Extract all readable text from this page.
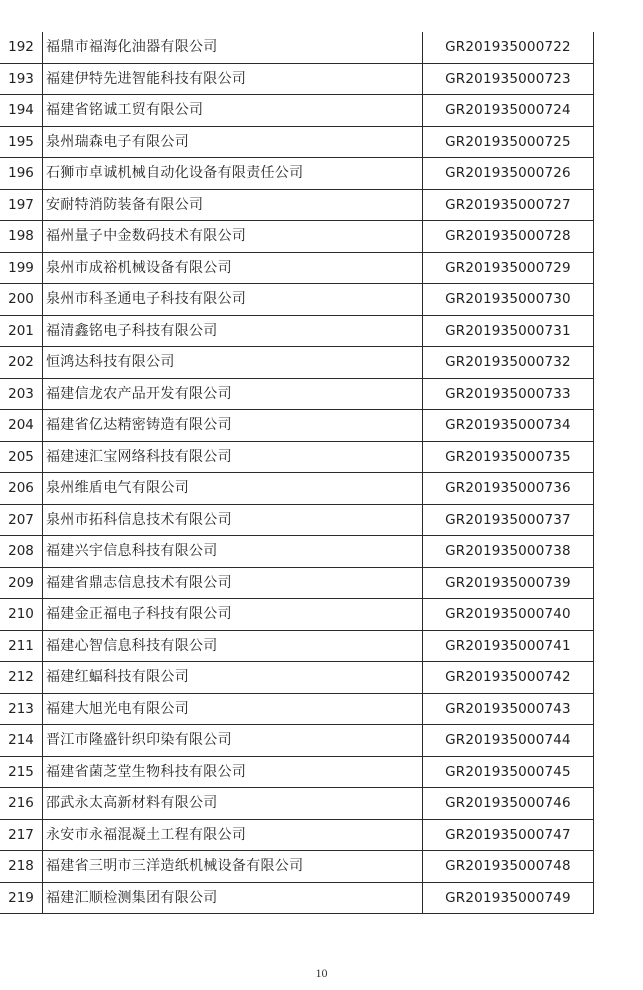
192	福鼎市福海化油器有限公司	GR201935000722
193	福建伊特先进智能科技有限公司	GR201935000723
194	福建省铭诚工贸有限公司	GR201935000724
195	泉州瑞森电子有限公司	GR201935000725
196	石狮市卓诚机械自动化设备有限责任公司	GR201935000726
197	安耐特消防装备有限公司	GR201935000727
198	福州量子中金数码技术有限公司	GR201935000728
199	泉州市成裕机械设备有限公司	GR201935000729
200	泉州市科圣通电子科技有限公司	GR201935000730
201	福清鑫铭电子科技有限公司	GR201935000731
202	恒鸿达科技有限公司	GR201935000732
203	福建信龙农产品开发有限公司	GR201935000733
204	福建省亿达精密铸造有限公司	GR201935000734
205	福建速汇宝网络科技有限公司	GR201935000735
206	泉州维盾电气有限公司	GR201935000736
207	泉州市拓科信息技术有限公司	GR201935000737
208	福建兴宇信息科技有限公司	GR201935000738
209	福建省鼎志信息技术有限公司	GR201935000739
210	福建金正福电子科技有限公司	GR201935000740
211	福建心智信息科技有限公司	GR201935000741
212	福建红蝠科技有限公司	GR201935000742
213	福建大旭光电有限公司	GR201935000743
214	晋江市隆盛针织印染有限公司	GR201935000744
215	福建省菌芝堂生物科技有限公司	GR201935000745
216	邵武永太高新材料有限公司	GR201935000746
217	永安市永福混凝土工程有限公司	GR201935000747
218	福建省三明市三洋造纸机械设备有限公司	GR201935000748
219	福建汇顺检测集团有限公司	GR201935000749
10
